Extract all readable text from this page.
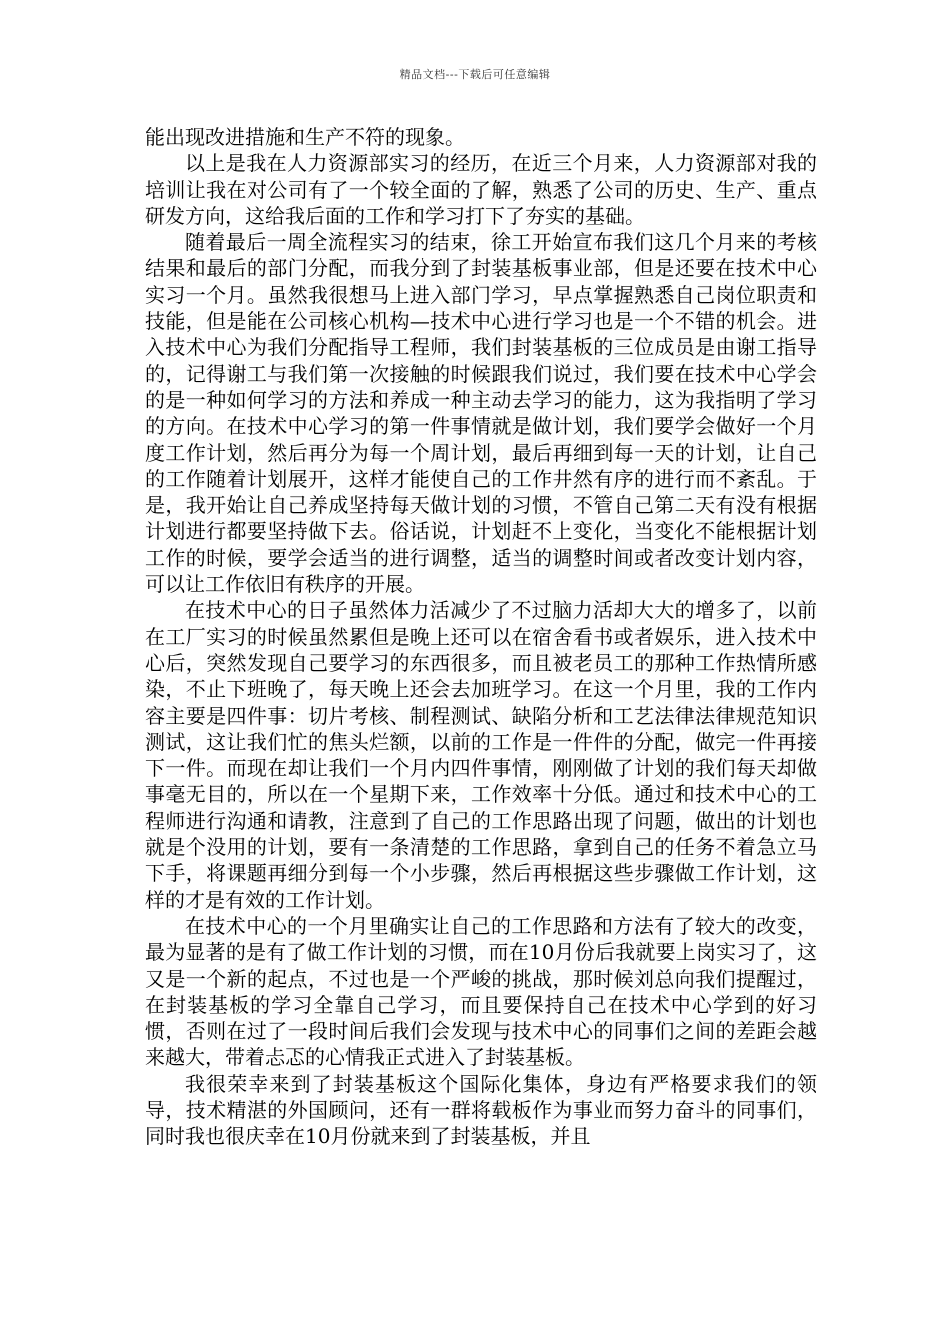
精品文档---下载后可任意编辑

能出现改进措施和生产不符的现象。

以上是我在人力资源部实习的经历，在近三个月来，人力资源部对我的培训让我在对公司有了一个较全面的了解，熟悉了公司的历史、生产、重点研发方向，这给我后面的工作和学习打下了夯实的基础。

随着最后一周全流程实习的结束，徐工开始宣布我们这几个月来的考核结果和最后的部门分配，而我分到了封装基板事业部，但是还要在技术中心实习一个月。虽然我很想马上进入部门学习，早点掌握熟悉自己岗位职责和技能，但是能在公司核心机构—技术中心进行学习也是一个不错的机会。进入技术中心为我们分配指导工程师，我们封装基板的三位成员是由谢工指导的，记得谢工与我们第一次接触的时候跟我们说过，我们要在技术中心学会的是一种如何学习的方法和养成一种主动去学习的能力，这为我指明了学习的方向。在技术中心学习的第一件事情就是做计划，我们要学会做好一个月度工作计划，然后再分为每一个周计划，最后再细到每一天的计划，让自己的工作随着计划展开，这样才能使自己的工作井然有序的进行而不紊乱。于是，我开始让自己养成坚持每天做计划的习惯，不管自己第二天有没有根据计划进行都要坚持做下去。俗话说，计划赶不上变化，当变化不能根据计划工作的时候，要学会适当的进行调整，适当的调整时间或者改变计划内容，可以让工作依旧有秩序的开展。

在技术中心的日子虽然体力活减少了不过脑力活却大大的增多了，以前在工厂实习的时候虽然累但是晚上还可以在宿舍看书或者娱乐，进入技术中心后，突然发现自己要学习的东西很多，而且被老员工的那种工作热情所感染，不止下班晚了，每天晚上还会去加班学习。在这一个月里，我的工作内容主要是四件事：切片考核、制程测试、缺陷分析和工艺法律法律规范知识测试，这让我们忙的焦头烂额，以前的工作是一件件的分配，做完一件再接下一件。而现在却让我们一个月内四件事情，刚刚做了计划的我们每天却做事毫无目的，所以在一个星期下来，工作效率十分低。通过和技术中心的工程师进行沟通和请教，注意到了自己的工作思路出现了问题，做出的计划也就是个没用的计划，要有一条清楚的工作思路，拿到自己的任务不着急立马下手，将课题再细分到每一个小步骤，然后再根据这些步骤做工作计划，这样的才是有效的工作计划。

在技术中心的一个月里确实让自己的工作思路和方法有了较大的改变，最为显著的是有了做工作计划的习惯，而在10月份后我就要上岗实习了，这又是一个新的起点，不过也是一个严峻的挑战，那时候刘总向我们提醒过，在封装基板的学习全靠自己学习，而且要保持自己在技术中心学到的好习惯，否则在过了一段时间后我们会发现与技术中心的同事们之间的差距会越来越大，带着忐忑的心情我正式进入了封装基板。

我很荣幸来到了封装基板这个国际化集体，身边有严格要求我们的领导，技术精湛的外国顾问，还有一群将载板作为事业而努力奋斗的同事们，同时我也很庆幸在10月份就来到了封装基板，并且
